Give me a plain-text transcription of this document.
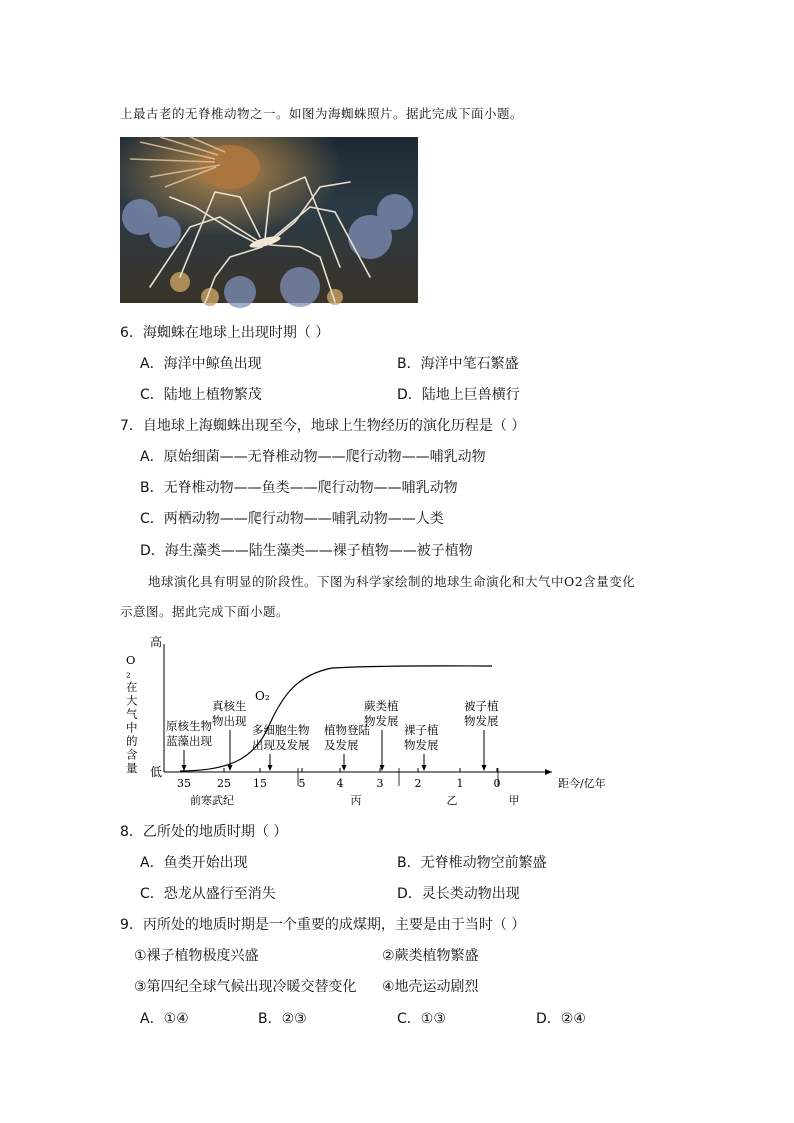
上最古老的无脊椎动物之一。如图为海蜘蛛照片。据此完成下面小题。
6．海蜘蛛在地球上出现时期（ ）
A．海洋中鲸鱼出现	B．海洋中笔石繁盛
C．陆地上植物繁茂	D．陆地上巨兽横行
7．自地球上海蜘蛛出现至今，地球上生物经历的演化历程是（ ）
A．原始细菌——无脊椎动物——爬行动物——哺乳动物
B．无脊椎动物——鱼类——爬行动物——哺乳动物
C．两栖动物——爬行动物——哺乳动物——人类
D．海生藻类——陆生藻类——裸子植物——被子植物
地球演化具有明显的阶段性。下图为科学家绘制的地球生命演化和大气中O2含量变化
示意图。据此完成下面小题。
高
低
O
₂
在
大
气
中
的
含
量
35 25 15	5	4	3	2	1	0	距今/亿年
前寒武纪	丙	乙	甲
O₂
原核生物
蓝藻出现
真核生
物出现
多细胞生物
出现及发展
植物登陆
及发展
蕨类植
物发展
裸子植
物发展
被子植
物发展
8．乙所处的地质时期（ ）
A．鱼类开始出现	B．无脊椎动物空前繁盛
C．恐龙从盛行至消失	D．灵长类动物出现
9．丙所处的地质时期是一个重要的成煤期，主要是由于当时（ ）
①裸子植物极度兴盛	②蕨类植物繁盛
③第四纪全球气候出现冷暖交替变化 ④地壳运动剧烈
A．①④	B．②③	C．①③	D．②④
